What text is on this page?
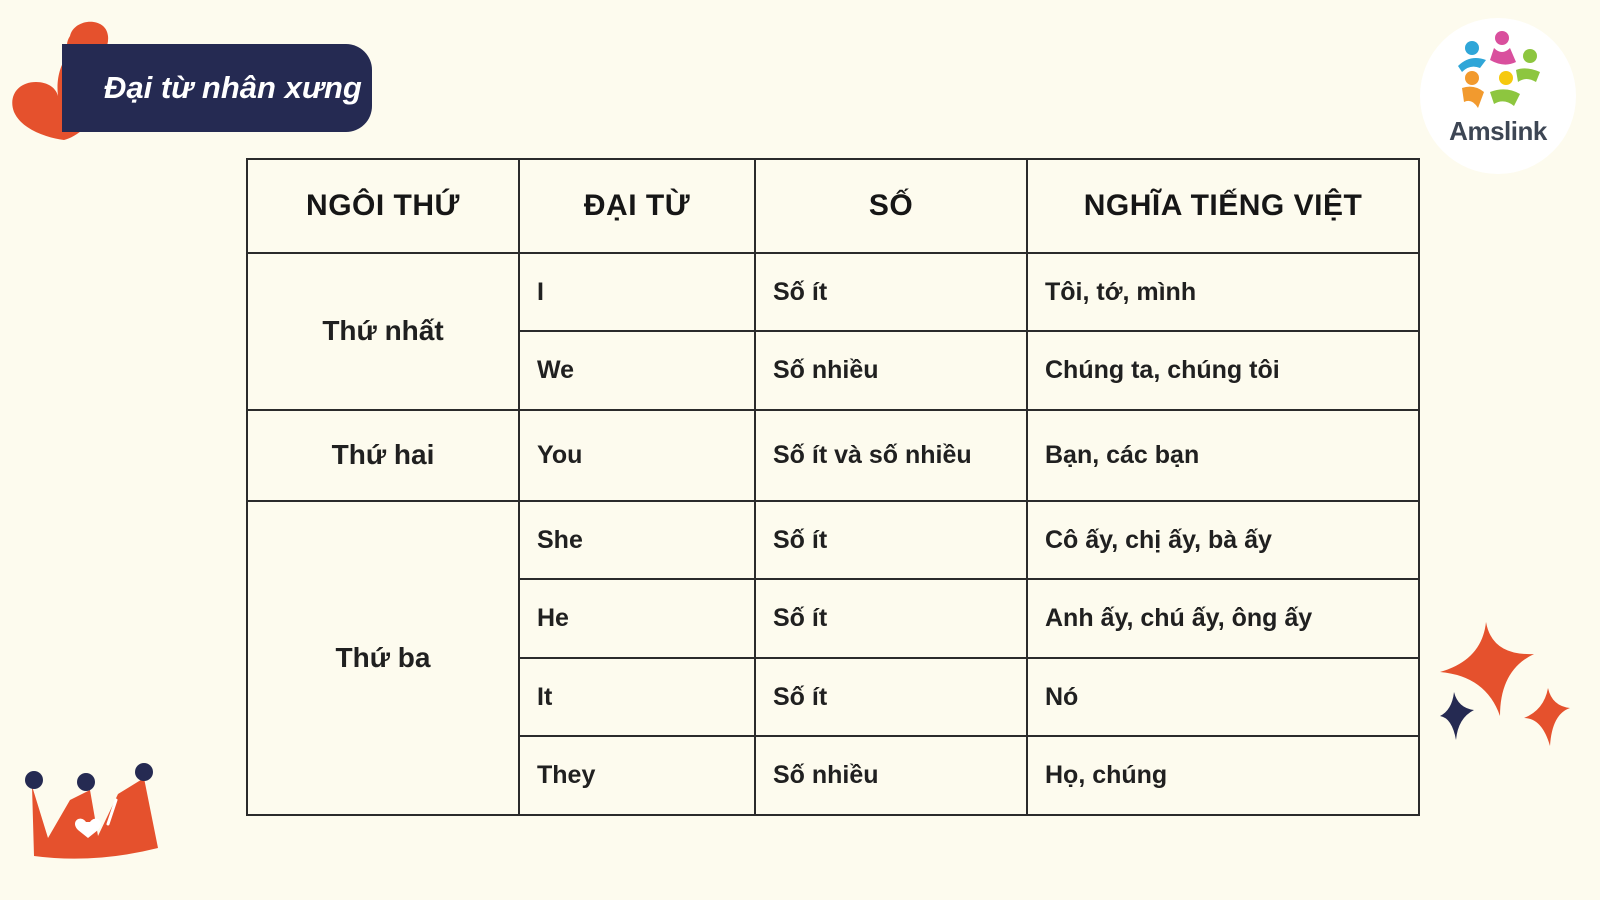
Đại từ nhân xưng
Amslink
NGÔI THỨ	ĐẠI TỪ	SỐ	NGHĨA TIẾNG VIỆT
Thứ nhất	I	Số ít	Tôi, tớ, mình
	We	Số nhiều	Chúng ta, chúng tôi
Thứ hai	You	Số ít và số nhiều	Bạn, các bạn
Thứ ba	She	Số ít	Cô ấy, chị ấy, bà ấy
	He	Số ít	Anh ấy, chú ấy, ông ấy
	It	Số ít	Nó
	They	Số nhiều	Họ, chúng
